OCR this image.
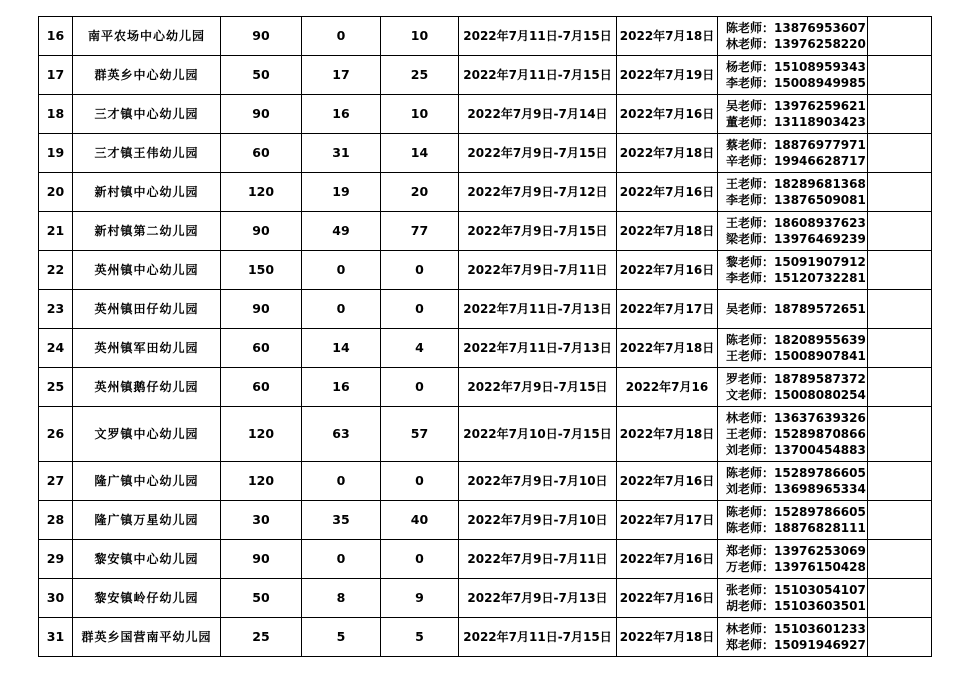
16	南平农场中心幼儿园	90	0	10	2022年7月11日-7月15日	2022年7月18日	陈老师：13876953607
林老师：13976258220	

17	群英乡中心幼儿园	50	17	25	2022年7月11日-7月15日	2022年7月19日	杨老师：15108959343
李老师：15008949985	

18	三才镇中心幼儿园	90	16	10	2022年7月9日-7月14日	2022年7月16日	吴老师：13976259621
董老师：13118903423	

19	三才镇王伟幼儿园	60	31	14	2022年7月9日-7月15日	2022年7月18日	蔡老师：18876977971
辛老师：19946628717	

20	新村镇中心幼儿园	120	19	20	2022年7月9日-7月12日	2022年7月16日	王老师：18289681368
李老师：13876509081	

21	新村镇第二幼儿园	90	49	77	2022年7月9日-7月15日	2022年7月18日	王老师：18608937623
梁老师：13976469239	

22	英州镇中心幼儿园	150	0	0	2022年7月9日-7月11日	2022年7月16日	黎老师：15091907912
李老师：15120732281	

23	英州镇田仔幼儿园	90	0	0	2022年7月11日-7月13日	2022年7月17日	吴老师：18789572651	

24	英州镇军田幼儿园	60	14	4	2022年7月11日-7月13日	2022年7月18日	陈老师：18208955639
王老师：15008907841	

25	英州镇鹅仔幼儿园	60	16	0	2022年7月9日-7月15日	2022年7月16	罗老师：18789587372
文老师：15008080254	

26	文罗镇中心幼儿园	120	63	57	2022年7月10日-7月15日	2022年7月18日	林老师：13637639326
王老师：15289870866
刘老师：13700454883	

27	隆广镇中心幼儿园	120	0	0	2022年7月9日-7月10日	2022年7月16日	陈老师：15289786605
刘老师：13698965334	

28	隆广镇万星幼儿园	30	35	40	2022年7月9日-7月10日	2022年7月17日	陈老师：15289786605
陈老师：18876828111	

29	黎安镇中心幼儿园	90	0	0	2022年7月9日-7月11日	2022年7月16日	郑老师：13976253069
万老师：13976150428	

30	黎安镇岭仔幼儿园	50	8	9	2022年7月9日-7月13日	2022年7月16日	张老师：15103054107
胡老师：15103603501	

31	群英乡国营南平幼儿园	25	5	5	2022年7月11日-7月15日	2022年7月18日	林老师：15103601233
郑老师：15091946927	
